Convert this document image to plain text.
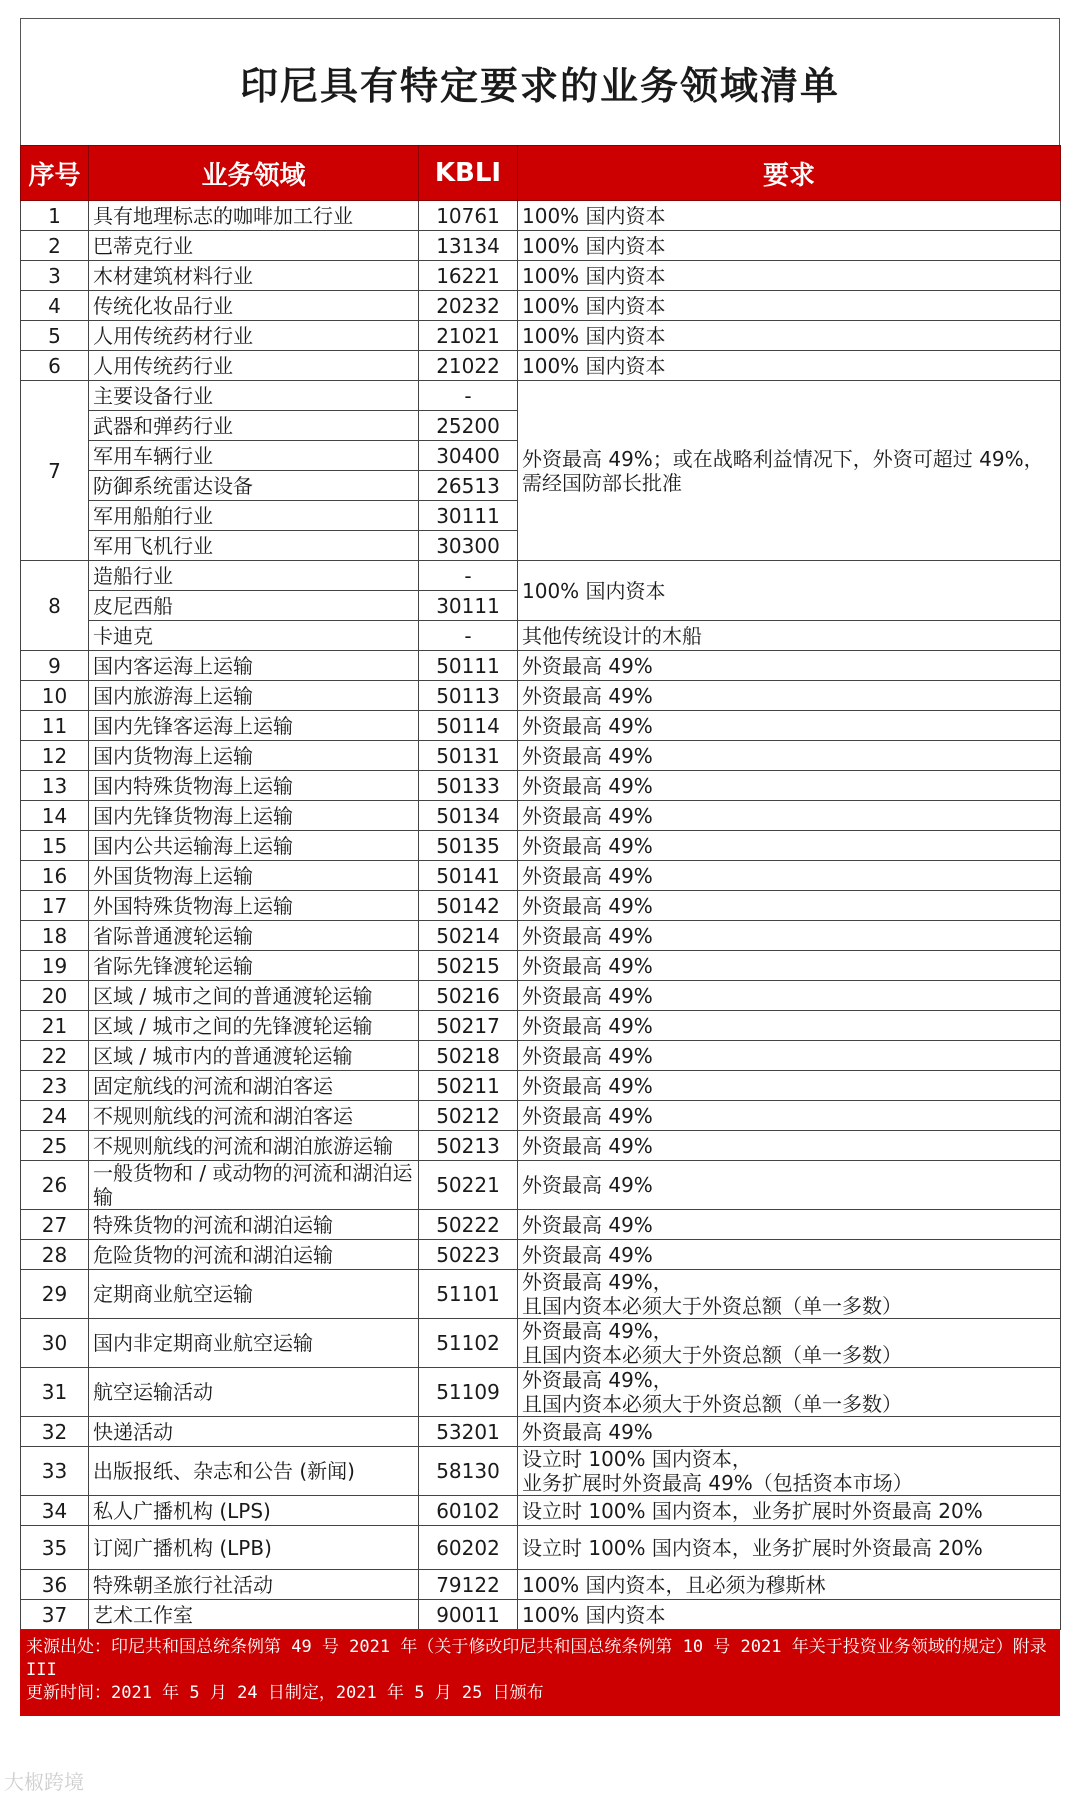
印尼具有特定要求的业务领域清单
序号	业务领域	KBLI	要求
1	具有地理标志的咖啡加工行业	10761	100% 国内资本
2	巴蒂克行业	13134	100% 国内资本
3	木材建筑材料行业	16221	100% 国内资本
4	传统化妆品行业	20232	100% 国内资本
5	人用传统药材行业	21021	100% 国内资本
6	人用传统药行业	21022	100% 国内资本
7	主要设备行业	-	外资最高 49%；或在战略利益情况下，外资可超过 49%，需经国防部长批准
	武器和弹药行业	25200	
	军用车辆行业	30400	
	防御系统雷达设备	26513	
	军用船舶行业	30111	
	军用飞机行业	30300	
8	造船行业	-	100% 国内资本
	皮尼西船	30111	
	卡迪克	-	其他传统设计的木船
9	国内客运海上运输	50111	外资最高 49%
10	国内旅游海上运输	50113	外资最高 49%
11	国内先锋客运海上运输	50114	外资最高 49%
12	国内货物海上运输	50131	外资最高 49%
13	国内特殊货物海上运输	50133	外资最高 49%
14	国内先锋货物海上运输	50134	外资最高 49%
15	国内公共运输海上运输	50135	外资最高 49%
16	外国货物海上运输	50141	外资最高 49%
17	外国特殊货物海上运输	50142	外资最高 49%
18	省际普通渡轮运输	50214	外资最高 49%
19	省际先锋渡轮运输	50215	外资最高 49%
20	区域 / 城市之间的普通渡轮运输	50216	外资最高 49%
21	区域 / 城市之间的先锋渡轮运输	50217	外资最高 49%
22	区域 / 城市内的普通渡轮运输	50218	外资最高 49%
23	固定航线的河流和湖泊客运	50211	外资最高 49%
24	不规则航线的河流和湖泊客运	50212	外资最高 49%
25	不规则航线的河流和湖泊旅游运输	50213	外资最高 49%
26	一般货物和 / 或动物的河流和湖泊运输	50221	外资最高 49%
27	特殊货物的河流和湖泊运输	50222	外资最高 49%
28	危险货物的河流和湖泊运输	50223	外资最高 49%
29	定期商业航空运输	51101	外资最高 49%，
且国内资本必须大于外资总额（单一多数）

30	国内非定期商业航空运输	51102	外资最高 49%，
且国内资本必须大于外资总额（单一多数）

31	航空运输活动	51109	外资最高 49%，
且国内资本必须大于外资总额（单一多数）

32	快递活动	53201	外资最高 49%
33	出版报纸、杂志和公告 (新闻)	58130	设立时 100% 国内资本，
业务扩展时外资最高 49%（包括资本市场）

34	私人广播机构 (LPS)	60102	设立时 100% 国内资本，业务扩展时外资最高 20%
35	订阅广播机构 (LPB)	60202	设立时 100% 国内资本，业务扩展时外资最高 20%
36	特殊朝圣旅行社活动	79122	100% 国内资本，且必须为穆斯林
37	艺术工作室	90011	100% 国内资本
来源出处：印尼共和国总统条例第 49 号 2021 年（关于修改印尼共和国总统条例第 10 号 2021 年关于投资业务领域的规定）附录 III
更新时间：2021 年 5 月 24 日制定，2021 年 5 月 25 日颁布
大椒跨境
